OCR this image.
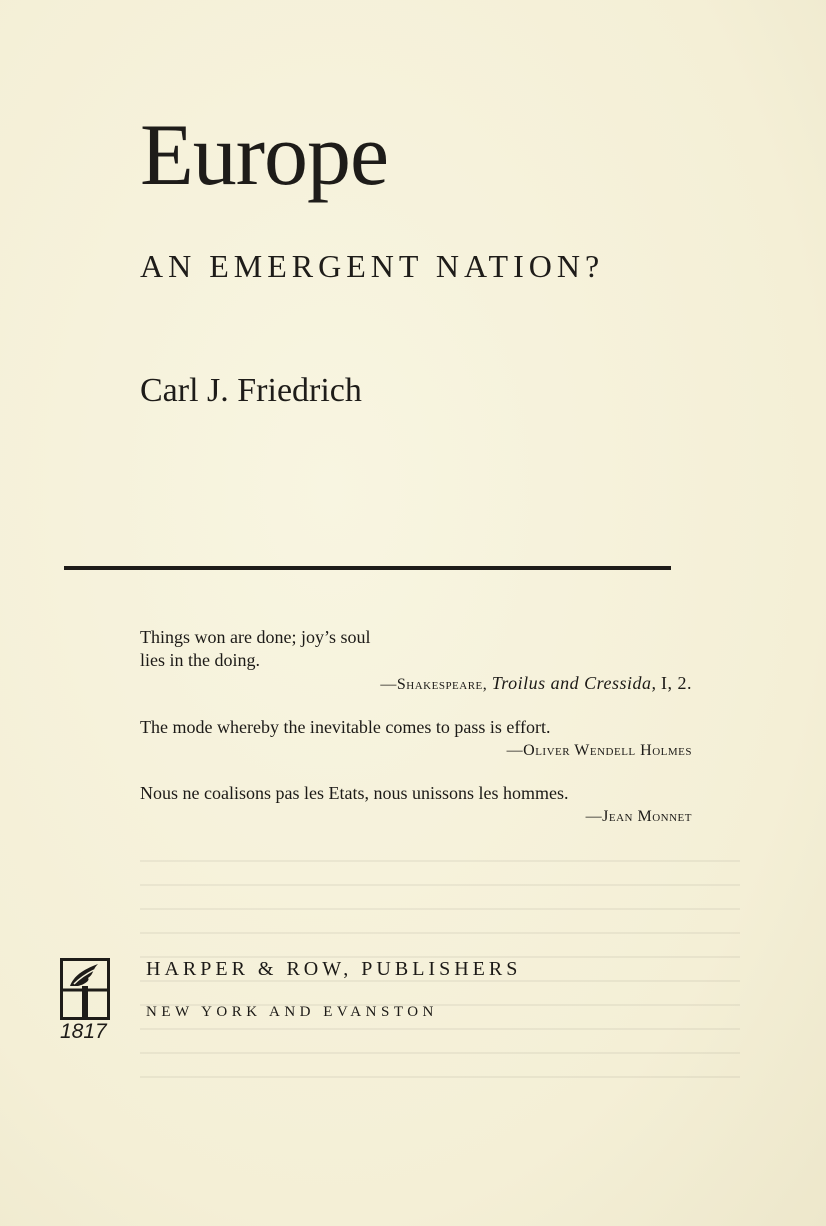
Europe
AN EMERGENT NATION?
Carl J. Friedrich
Things won are done; joy’s soul
lies in the doing.
—Shakespeare, Troilus and Cressida, I, 2.
The mode whereby the inevitable comes to pass is effort.
—Oliver Wendell Holmes
Nous ne coalisons pas les Etats, nous unissons les hommes.
—Jean Monnet
1817
HARPER & ROW, PUBLISHERS
NEW YORK AND EVANSTON
